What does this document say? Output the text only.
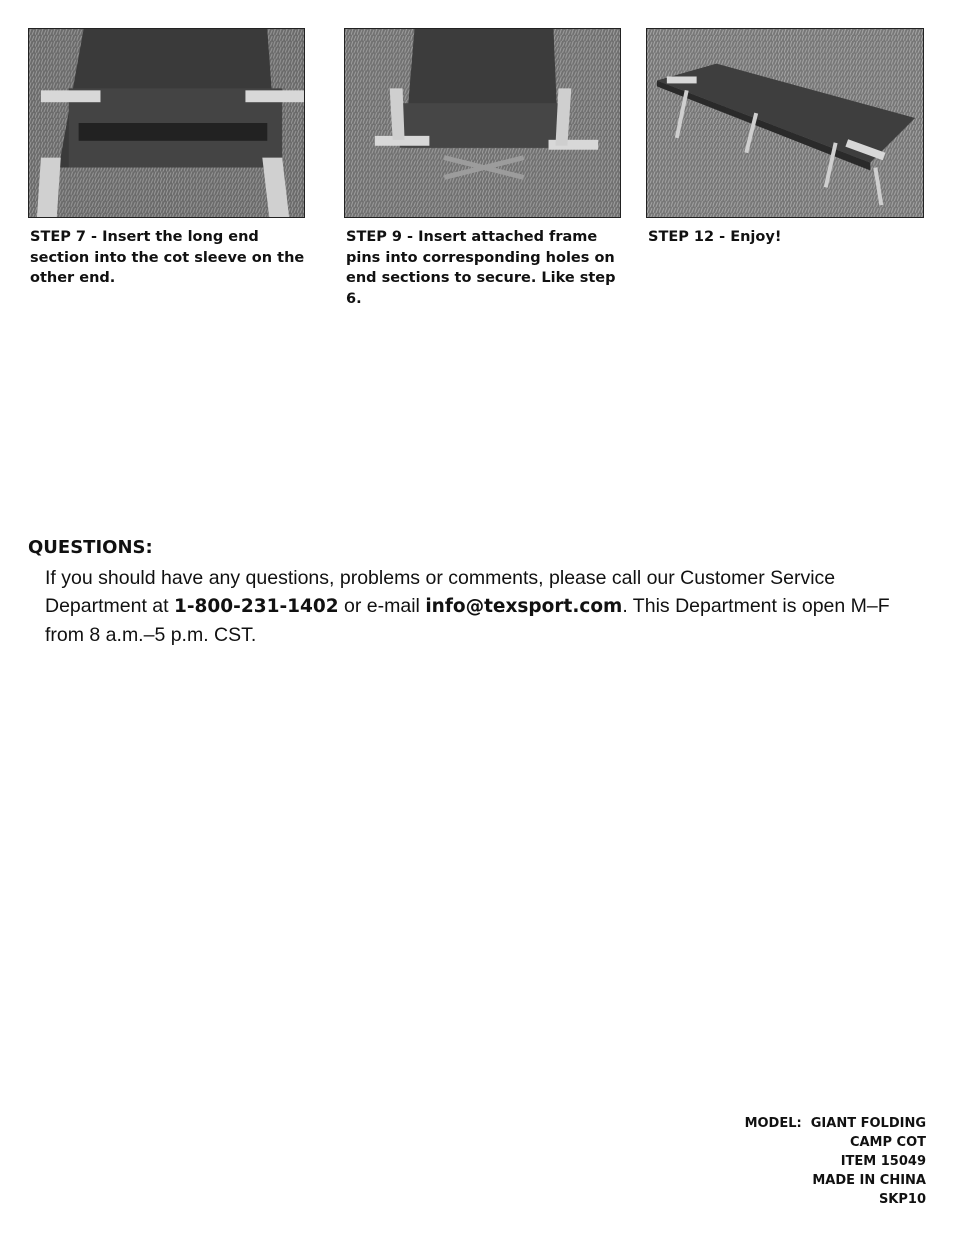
STEP 7 - Insert the long end section into the cot sleeve on the other end.
STEP 9 - Insert attached frame pins into corresponding holes on end sections to secure. Like step 6.
STEP 12 - Enjoy!
QUESTIONS:
If you should have any questions, problems or comments, please call our Customer Service Department at 1-800-231-1402 or e-mail info@texsport.com. This Department is open M–F from 8 a.m.–5 p.m. CST.
MODEL:  GIANT FOLDING
CAMP COT
ITEM 15049
MADE IN CHINA
SKP10
